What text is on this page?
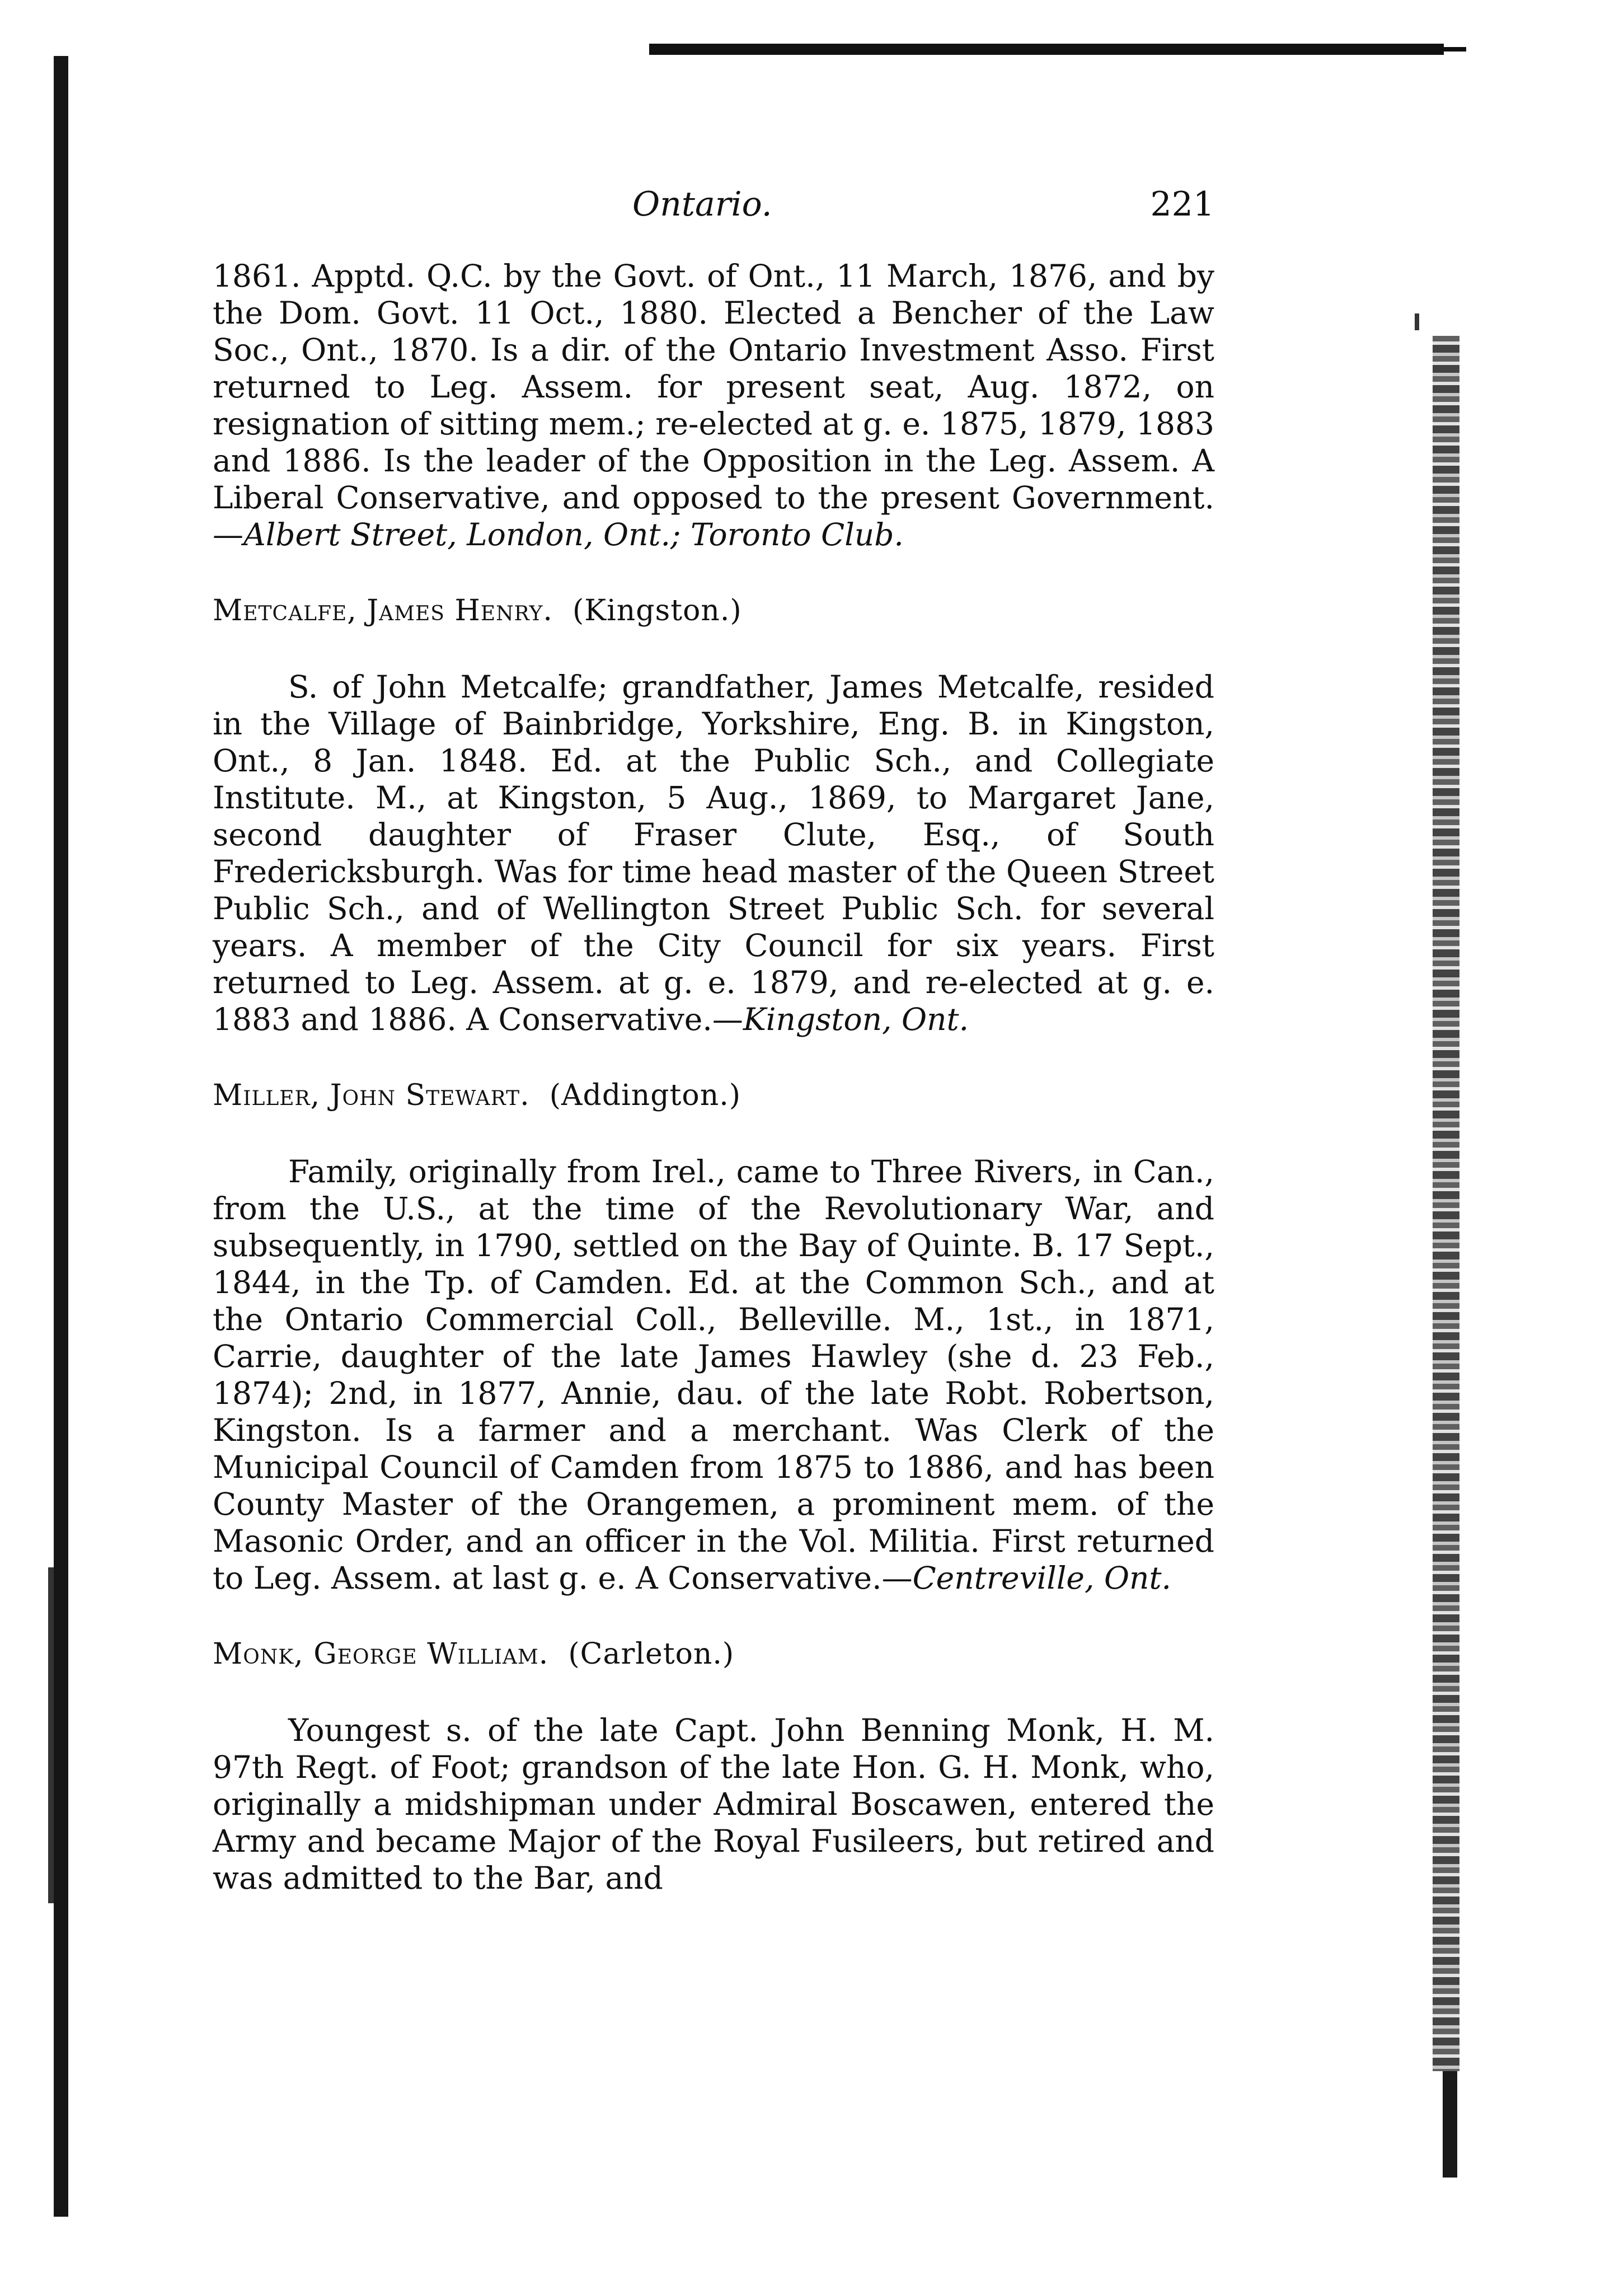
Ontario.	221

1861. Apptd. Q.C. by the Govt. of Ont., 11 March, 1876, and by the Dom. Govt. 11 Oct., 1880. Elected a Bencher of the Law Soc., Ont., 1870. Is a dir. of the Ontario Investment Asso. First returned to Leg. Assem. for present seat, Aug. 1872, on resignation of sitting mem.; re-elected at g. e. 1875, 1879, 1883 and 1886. Is the leader of the Opposition in the Leg. Assem. A Liberal Conservative, and opposed to the present Government.—Albert Street, London, Ont.; Toronto Club.

Metcalfe, James Henry. (Kingston.)

S. of John Metcalfe; grandfather, James Metcalfe, resided in the Village of Bainbridge, Yorkshire, Eng. B. in Kingston, Ont., 8 Jan. 1848. Ed. at the Public Sch., and Collegiate Institute. M., at Kingston, 5 Aug., 1869, to Margaret Jane, second daughter of Fraser Clute, Esq., of South Fredericksburgh. Was for time head master of the Queen Street Public Sch., and of Wellington Street Public Sch. for several years. A member of the City Council for six years. First returned to Leg. Assem. at g. e. 1879, and re-elected at g. e. 1883 and 1886. A Conservative.—Kingston, Ont.

Miller, John Stewart. (Addington.)

Family, originally from Irel., came to Three Rivers, in Can., from the U.S., at the time of the Revolutionary War, and subsequently, in 1790, settled on the Bay of Quinte. B. 17 Sept., 1844, in the Tp. of Camden. Ed. at the Common Sch., and at the Ontario Commercial Coll., Belleville. M., 1st., in 1871, Carrie, daughter of the late James Hawley (she d. 23 Feb., 1874); 2nd, in 1877, Annie, dau. of the late Robt. Robertson, Kingston. Is a farmer and a merchant. Was Clerk of the Municipal Council of Camden from 1875 to 1886, and has been County Master of the Orangemen, a prominent mem. of the Masonic Order, and an officer in the Vol. Militia. First returned to Leg. Assem. at last g. e. A Conservative.—Centreville, Ont.

Monk, George William. (Carleton.)

Youngest s. of the late Capt. John Benning Monk, H. M. 97th Regt. of Foot; grandson of the late Hon. G. H. Monk, who, originally a midshipman under Admiral Boscawen, entered the Army and became Major of the Royal Fusileers, but retired and was admitted to the Bar, and
